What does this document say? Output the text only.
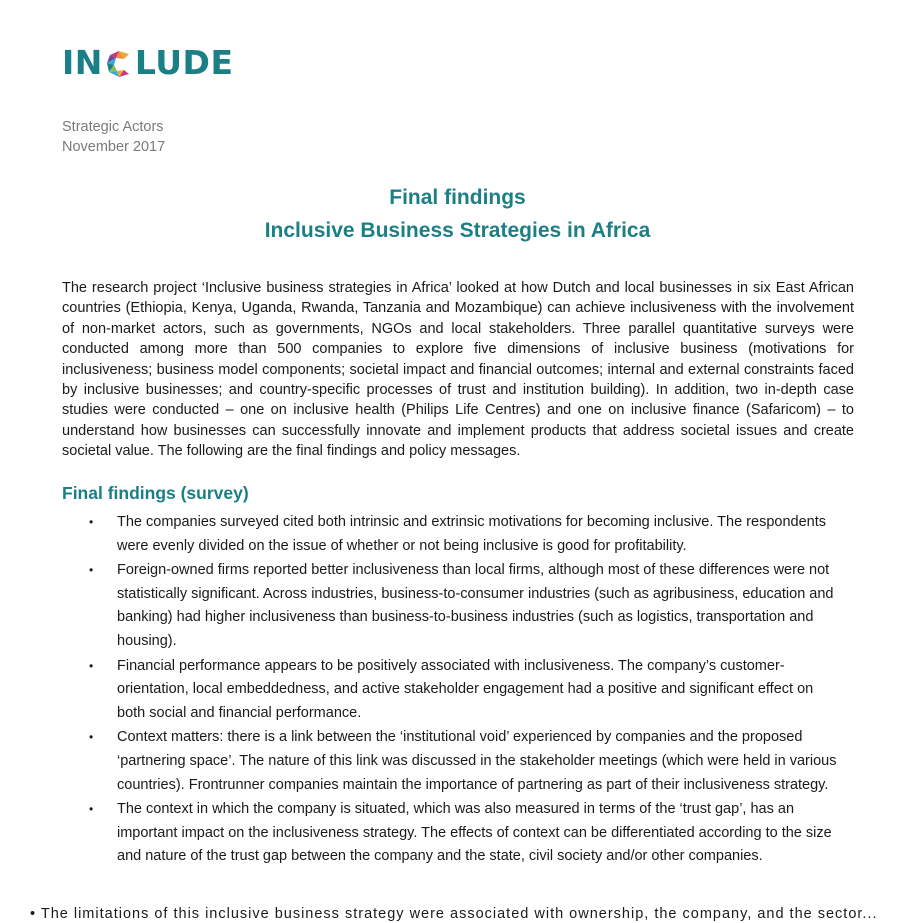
IN LUDE
Strategic Actors
November 2017
Final findings
Inclusive Business Strategies in Africa

The research project ‘Inclusive business strategies in Africa’ looked at how Dutch and local businesses in six East African countries (Ethiopia, Kenya, Uganda, Rwanda, Tanzania and Mozambique) can achieve inclusiveness with the involvement of non-market actors, such as governments, NGOs and local stakeholders. Three parallel quantitative surveys were conducted among more than 500 companies to explore five dimensions of inclusive business (motivations for inclusiveness; business model components; societal impact and financial outcomes; internal and external constraints faced by inclusive businesses; and country-specific processes of trust and institution building). In addition, two in-depth case studies were conducted – one on inclusive health (Philips Life Centres) and one on inclusive finance (Safaricom) – to understand how businesses can successfully innovate and implement products that address societal issues and create societal value. The following are the final findings and policy messages.

Final findings (survey)
• The companies surveyed cited both intrinsic and extrinsic motivations for becoming inclusive. The respondents were evenly divided on the issue of whether or not being inclusive is good for profitability.
• Foreign-owned firms reported better inclusiveness than local firms, although most of these differences were not statistically significant. Across industries, business-to-consumer industries (such as agribusiness, education and banking) had higher inclusiveness than business-to-business industries (such as logistics, transportation and housing).
• Financial performance appears to be positively associated with inclusiveness. The company’s customer-orientation, local embeddedness, and active stakeholder engagement had a positive and significant effect on both social and financial performance.
• Context matters: there is a link between the ‘institutional void’ experienced by companies and the proposed ‘partnering space’. The nature of this link was discussed in the stakeholder meetings (which were held in various countries). Frontrunner companies maintain the importance of partnering as part of their inclusiveness strategy.
• The context in which the company is situated, which was also measured in terms of the ‘trust gap’, has an important impact on the inclusiveness strategy. The effects of context can be differentiated according to the size and nature of the trust gap between the company and the state, civil society and/or other companies.
• The limitations of this inclusive business strategy were associated with ownership, the company, and the sector...
